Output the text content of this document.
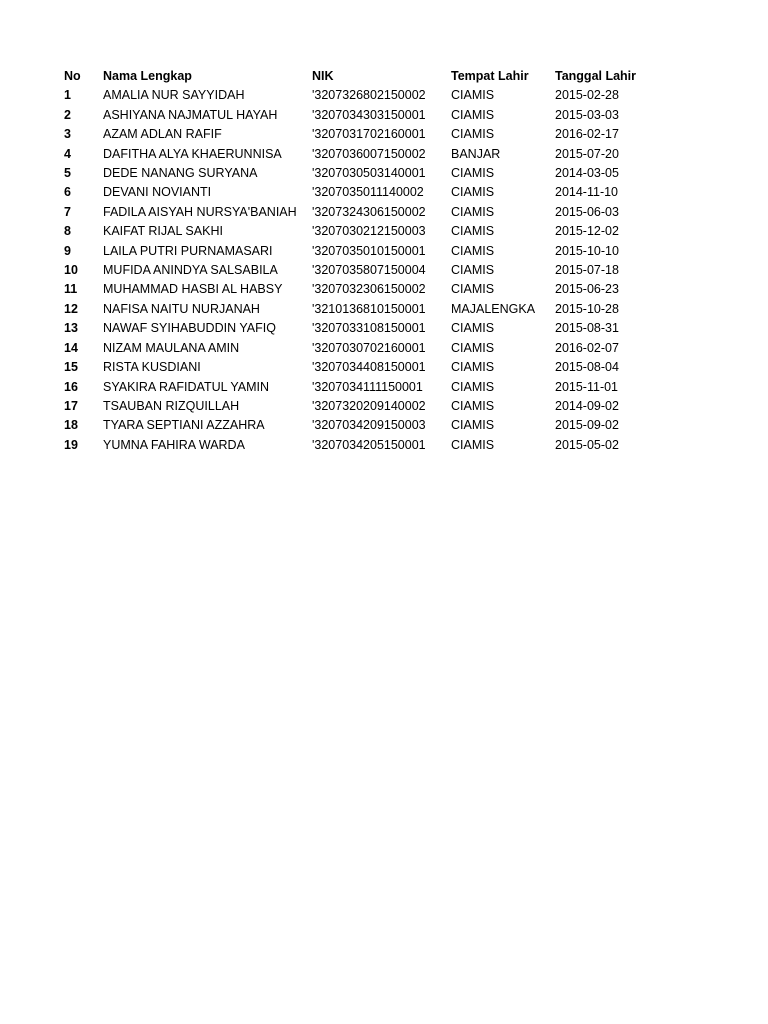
No	Nama Lengkap	NIK	Tempat Lahir	Tanggal Lahir
1	AMALIA NUR SAYYIDAH	'3207326802150002	CIAMIS	2015-02-28
2	ASHIYANA NAJMATUL HAYAH	'3207034303150001	CIAMIS	2015-03-03
3	AZAM ADLAN RAFIF	'3207031702160001	CIAMIS	2016-02-17
4	DAFITHA ALYA KHAERUNNISA	'3207036007150002	BANJAR	2015-07-20
5	DEDE NANANG SURYANA	'3207030503140001	CIAMIS	2014-03-05
6	DEVANI NOVIANTI	'3207035011140002	CIAMIS	2014-11-10
7	FADILA AISYAH NURSYA'BANIAH	'3207324306150002	CIAMIS	2015-06-03
8	KAIFAT RIJAL SAKHI	'3207030212150003	CIAMIS	2015-12-02
9	LAILA PUTRI PURNAMASARI	'3207035010150001	CIAMIS	2015-10-10
10	MUFIDA ANINDYA SALSABILA	'3207035807150004	CIAMIS	2015-07-18
11	MUHAMMAD HASBI AL HABSY	'3207032306150002	CIAMIS	2015-06-23
12	NAFISA NAITU NURJANAH	'3210136810150001	MAJALENGKA	2015-10-28
13	NAWAF SYIHABUDDIN YAFIQ	'3207033108150001	CIAMIS	2015-08-31
14	NIZAM MAULANA AMIN	'3207030702160001	CIAMIS	2016-02-07
15	RISTA KUSDIANI	'3207034408150001	CIAMIS	2015-08-04
16	SYAKIRA RAFIDATUL YAMIN	'3207034111150001	CIAMIS	2015-11-01
17	TSAUBAN RIZQUILLAH	'3207320209140002	CIAMIS	2014-09-02
18	TYARA SEPTIANI AZZAHRA	'3207034209150003	CIAMIS	2015-09-02
19	YUMNA FAHIRA WARDA	'3207034205150001	CIAMIS	2015-05-02
